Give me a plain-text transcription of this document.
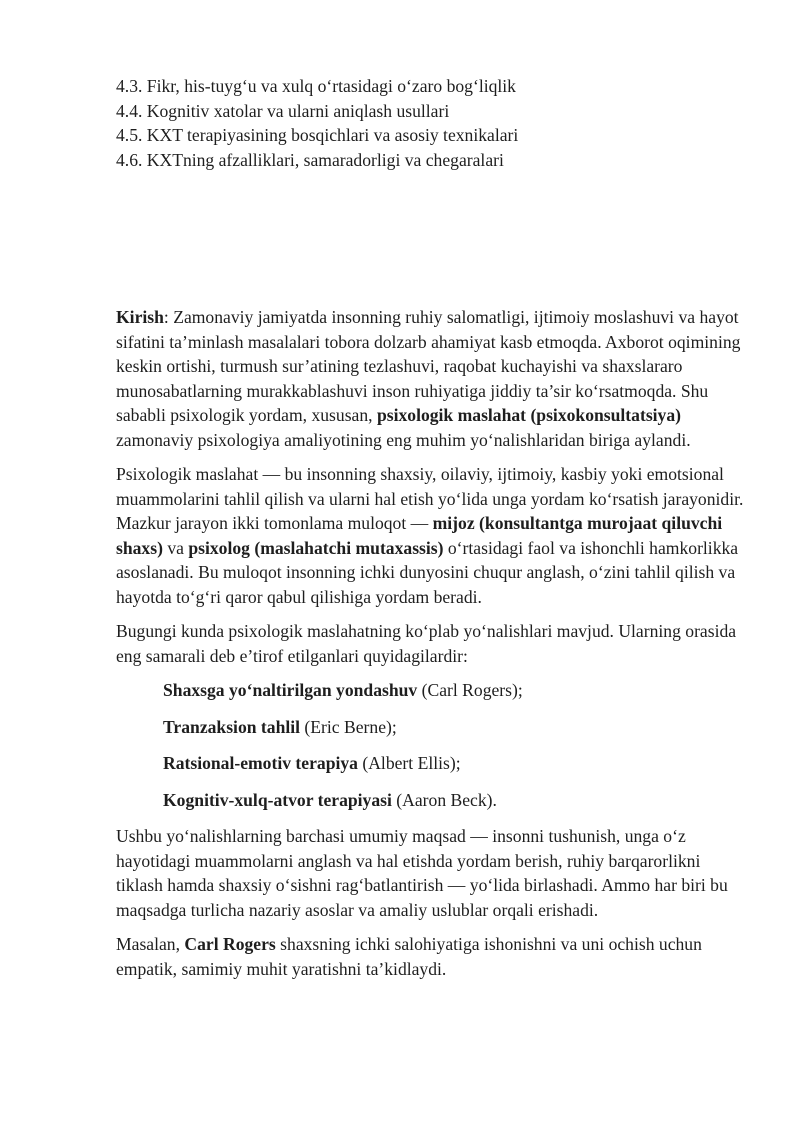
4.3. Fikr, his-tuyg‘u va xulq o‘rtasidagi o‘zaro bog‘liqlik
4.4. Kognitiv xatolar va ularni aniqlash usullari
4.5. KXT terapiyasining bosqichlari va asosiy texnikalari
4.6. KXTning afzalliklari, samaradorligi va chegaralari

Kirish: Zamonaviy jamiyatda insonning ruhiy salomatligi, ijtimoiy moslashuvi va hayot sifatini ta’minlash masalalari tobora dolzarb ahamiyat kasb etmoqda. Axborot oqimining keskin ortishi, turmush sur’atining tezlashuvi, raqobat kuchayishi va shaxslararo munosabatlarning murakkablashuvi inson ruhiyatiga jiddiy ta’sir ko‘rsatmoqda. Shu sababli psixologik yordam, xususan, psixologik maslahat (psixokonsultatsiya) zamonaviy psixologiya amaliyotining eng muhim yo‘nalishlaridan biriga aylandi.

Psixologik maslahat — bu insonning shaxsiy, oilaviy, ijtimoiy, kasbiy yoki emotsional muammolarini tahlil qilish va ularni hal etish yo‘lida unga yordam ko‘rsatish jarayonidir. Mazkur jarayon ikki tomonlama muloqot — mijoz (konsultantga murojaat qiluvchi shaxs) va psixolog (maslahatchi mutaxassis) o‘rtasidagi faol va ishonchli hamkorlikka asoslanadi. Bu muloqot insonning ichki dunyosini chuqur anglash, o‘zini tahlil qilish va hayotda to‘g‘ri qaror qabul qilishiga yordam beradi.

Bugungi kunda psixologik maslahatning ko‘plab yo‘nalishlari mavjud. Ularning orasida eng samarali deb e’tirof etilganlari quyidagilardir:

Shaxsga yo‘naltirilgan yondashuv (Carl Rogers);

Tranzaksion tahlil (Eric Berne);

Ratsional-emotiv terapiya (Albert Ellis);

Kognitiv-xulq-atvor terapiyasi (Aaron Beck).

Ushbu yo‘nalishlarning barchasi umumiy maqsad — insonni tushunish, unga o‘z hayotidagi muammolarni anglash va hal etishda yordam berish, ruhiy barqarorlikni tiklash hamda shaxsiy o‘sishni rag‘batlantirish — yo‘lida birlashadi. Ammo har biri bu maqsadga turlicha nazariy asoslar va amaliy uslublar orqali erishadi.

Masalan, Carl Rogers shaxsning ichki salohiyatiga ishonishni va uni ochish uchun empatik, samimiy muhit yaratishni ta’kidlaydi.
